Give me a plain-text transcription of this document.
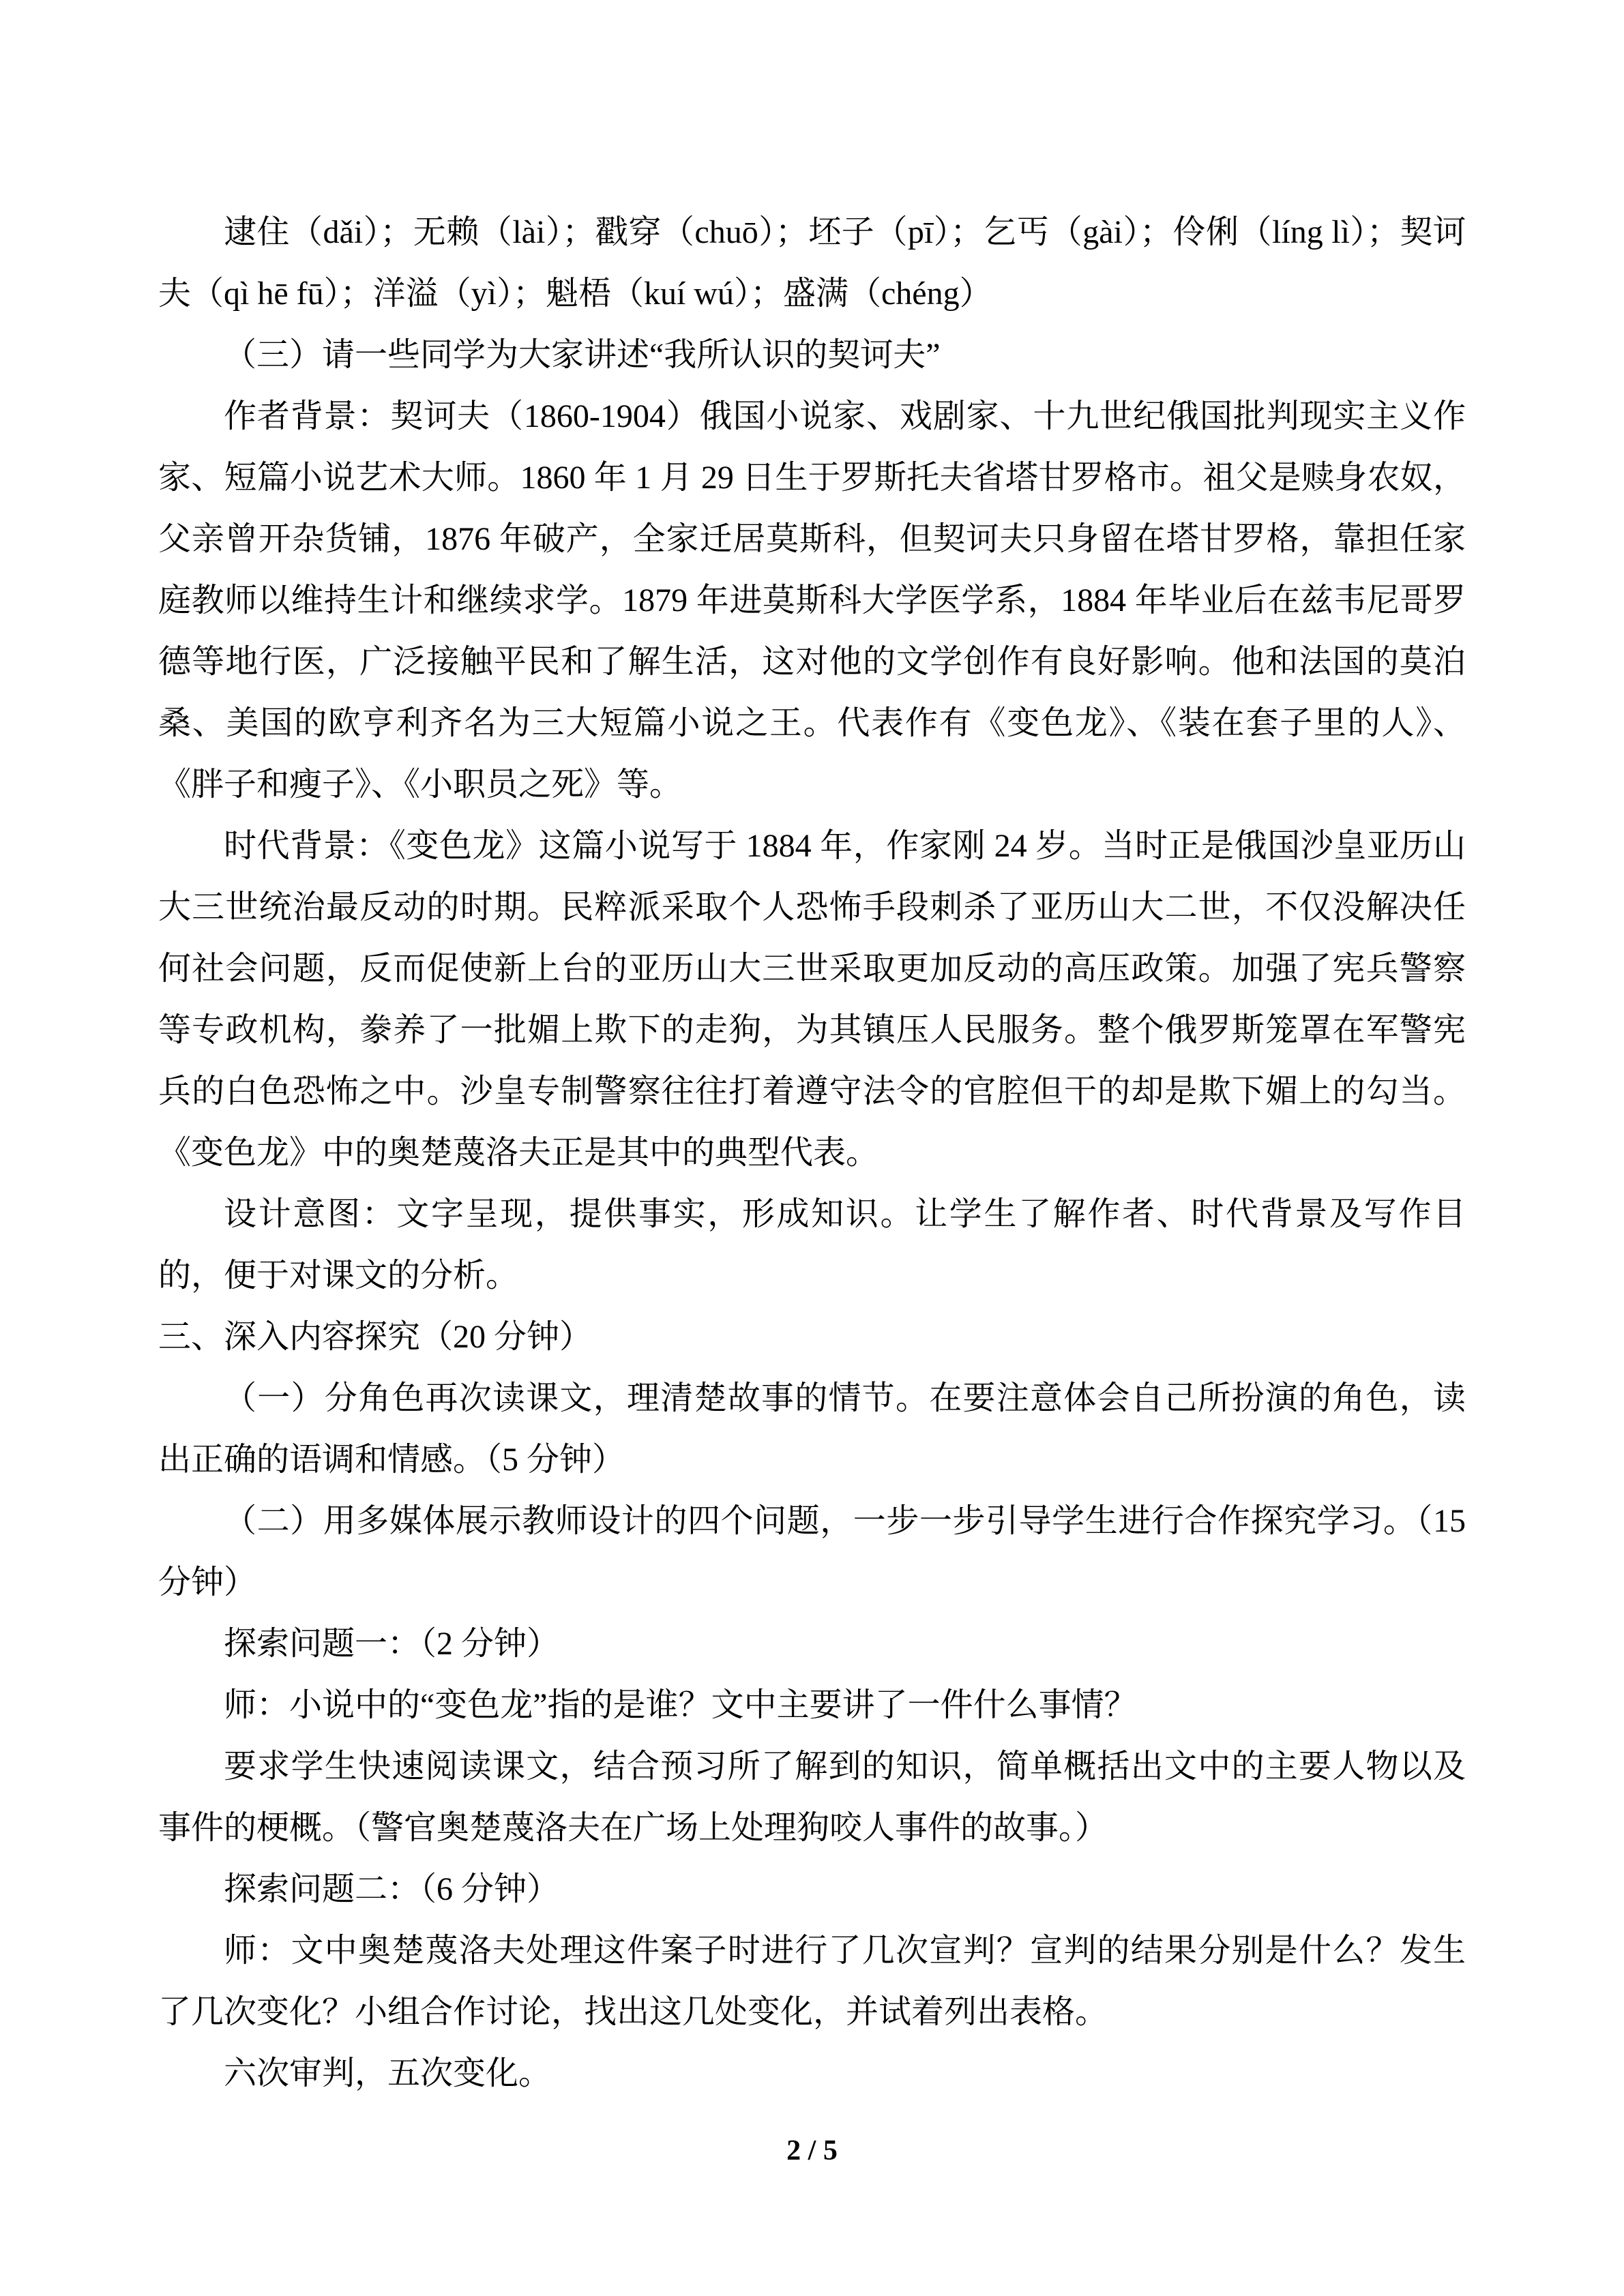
逮住（dǎi）；无赖（lài）；戳穿（chuō）；坯子（pī）；乞丐（gài）；伶俐（líng lì）；契诃夫（qì hē fū）；洋溢（yì）；魁梧（kuí wú）；盛满（chéng）

（三）请一些同学为大家讲述“我所认识的契诃夫”

作者背景：契诃夫（1860-1904）俄国小说家、戏剧家、十九世纪俄国批判现实主义作家、短篇小说艺术大师。1860 年 1 月 29 日生于罗斯托夫省塔甘罗格市。祖父是赎身农奴，父亲曾开杂货铺，1876 年破产，全家迁居莫斯科，但契诃夫只身留在塔甘罗格，靠担任家庭教师以维持生计和继续求学。1879 年进莫斯科大学医学系，1884 年毕业后在兹韦尼哥罗德等地行医，广泛接触平民和了解生活，这对他的文学创作有良好影响。他和法国的莫泊桑、美国的欧亨利齐名为三大短篇小说之王。代表作有《变色龙》、《装在套子里的人》、《胖子和瘦子》、《小职员之死》等。

时代背景：《变色龙》这篇小说写于 1884 年，作家刚 24 岁。当时正是俄国沙皇亚历山大三世统治最反动的时期。民粹派采取个人恐怖手段刺杀了亚历山大二世，不仅没解决任何社会问题，反而促使新上台的亚历山大三世采取更加反动的高压政策。加强了宪兵警察等专政机构，豢养了一批媚上欺下的走狗，为其镇压人民服务。整个俄罗斯笼罩在军警宪兵的白色恐怖之中。沙皇专制警察往往打着遵守法令的官腔但干的却是欺下媚上的勾当。《变色龙》中的奥楚蔑洛夫正是其中的典型代表。

设计意图：文字呈现，提供事实，形成知识。让学生了解作者、时代背景及写作目的，便于对课文的分析。

三、深入内容探究（20 分钟）

（一）分角色再次读课文，理清楚故事的情节。在要注意体会自己所扮演的角色，读出正确的语调和情感。（5 分钟）

（二）用多媒体展示教师设计的四个问题，一步一步引导学生进行合作探究学习。（15 分钟）

探索问题一：（2 分钟）

师：小说中的“变色龙”指的是谁？文中主要讲了一件什么事情？

要求学生快速阅读课文，结合预习所了解到的知识，简单概括出文中的主要人物以及事件的梗概。（警官奥楚蔑洛夫在广场上处理狗咬人事件的故事。）

探索问题二：（6 分钟）

师：文中奥楚蔑洛夫处理这件案子时进行了几次宣判？宣判的结果分别是什么？发生了几次变化？小组合作讨论，找出这几处变化，并试着列出表格。

六次审判，五次变化。

2 / 5
